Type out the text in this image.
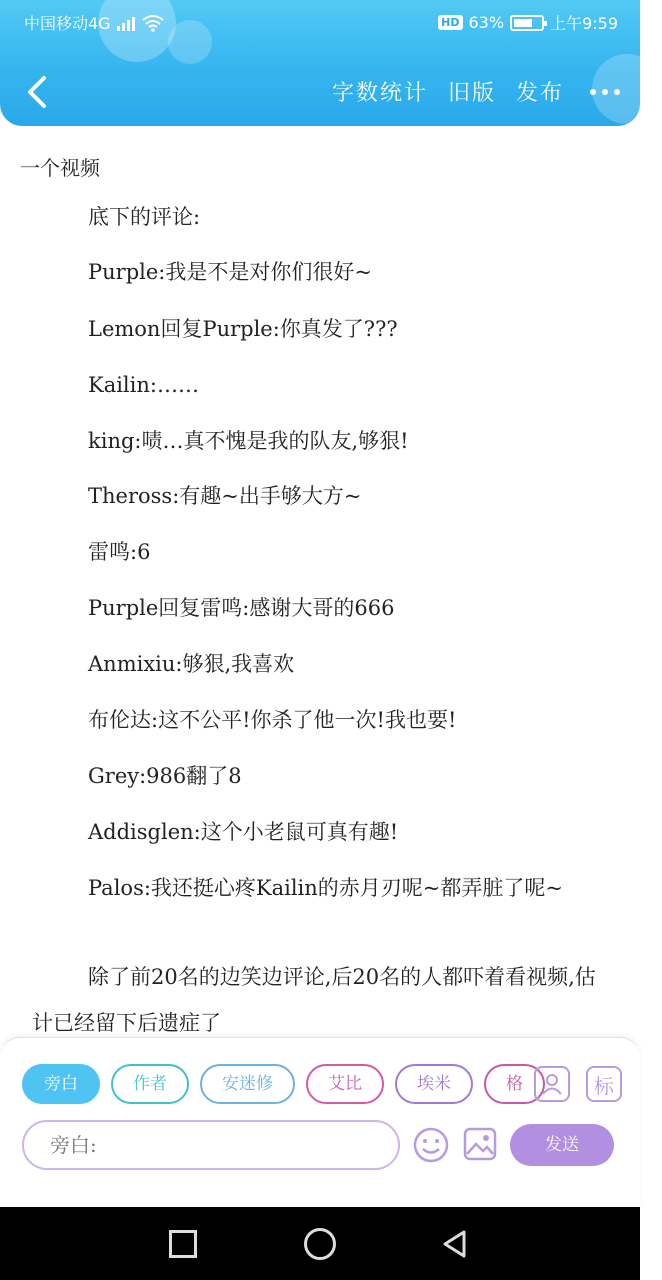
中国移动4G	HD 63%	上午9:59
字数统计 旧版 发布
一个视频
底下的评论:
Purple:我是不是对你们很好~
Lemon回复Purple:你真发了???
Kailin:……
king:啧…真不愧是我的队友,够狠!
Theross:有趣~出手够大方~
雷鸣:6
Purple回复雷鸣:感谢大哥的666
Anmixiu:够狠,我喜欢
布伦达:这不公平!你杀了他一次!我也要!
Grey:986翻了8
Addisglen:这个小老鼠可真有趣!
Palos:我还挺心疼Kailin的赤月刃呢~都弄脏了呢~
除了前20名的边笑边评论,后20名的人都吓着看视频,估计已经留下后遗症了
旁白	作者	安迷修	艾比	埃米	格	标
旁白:
发送
